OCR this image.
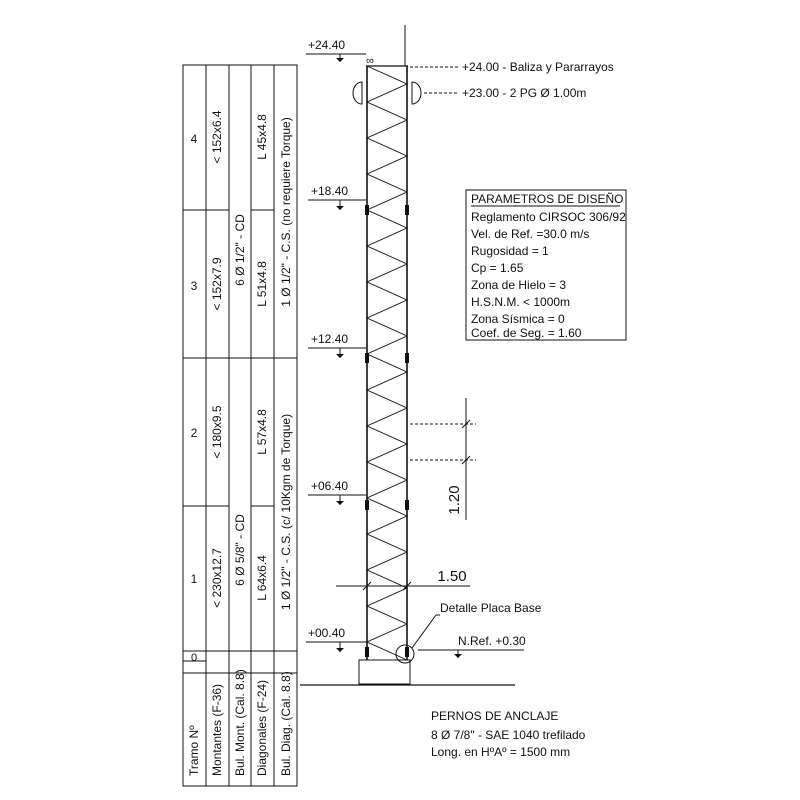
4
3
2
1
0
< 152x6.4
< 152x7.9
< 180x9.5
< 230x12.7
6 Ø 1/2" - CD
6 Ø 5/8" - CD
L 45x4.8
L 51x4.8
L 57x4.8
L 64x6.4
1 Ø 1/2" - C.S. (no requiere Torque)
1 Ø 1/2" - C.S. (c/ 10Kgm de Torque)
Tramo Nº Montantes (F-36) Bul. Mont. (Cal. 8.8) Diagonales (F-24) Bul. Diag. (Cal. 8.8)
∞
+24.40
+18.40
+12.40
+06.40
+00.40
+24.00 - Baliza y Pararrayos
+23.00 - 2 PG Ø 1.00m
Detalle Placa Base
N.Ref. +0.30
1.20
1.50
PARAMETROS DE DISEÑO
Reglamento CIRSOC 306/92
Vel. de Ref. =30.0 m/s
Rugosidad = 1
Cp = 1.65
Zona de Hielo = 3
H.S.N.M. < 1000m
Zona Sísmica = 0
Coef. de Seg. = 1.60
PERNOS DE ANCLAJE
8 Ø 7/8" - SAE 1040 trefilado
Long. en HºAº = 1500 mm
